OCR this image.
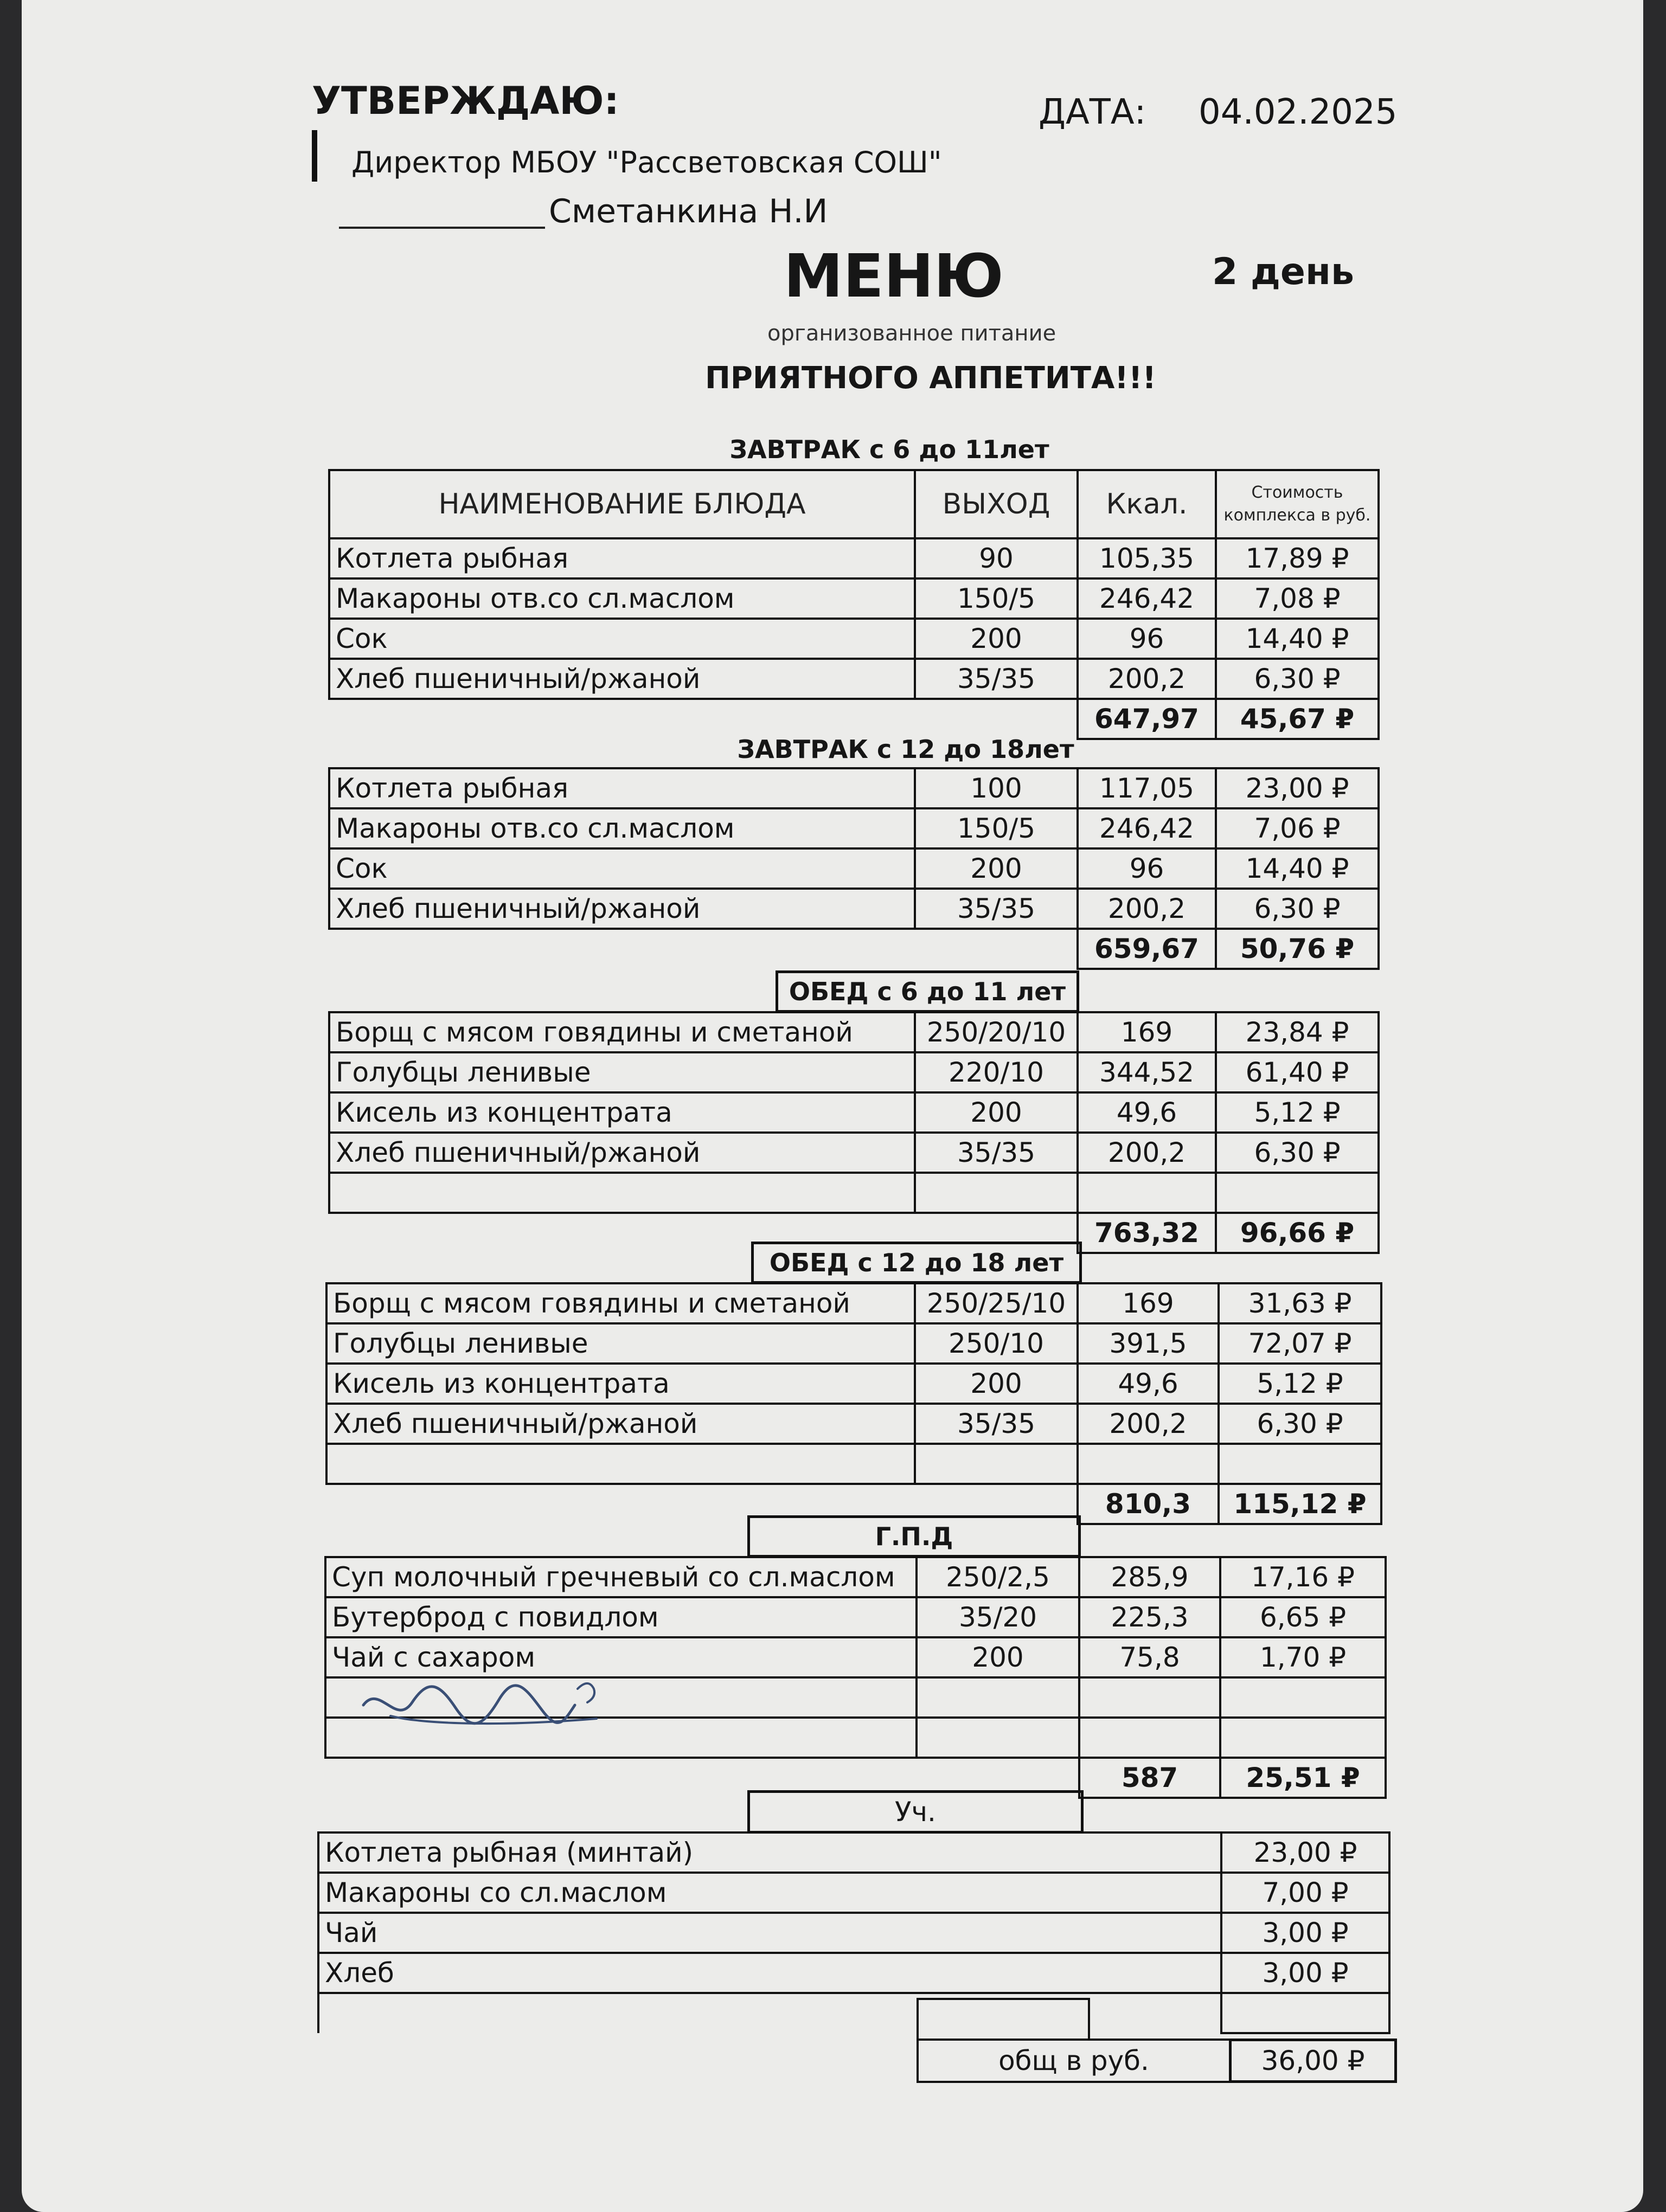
УТВЕРЖДАЮ:	ДАТА: 04.02.2025
Директор МБОУ "Рассветовская СОШ"
Сметанкина Н.И
МЕНЮ	2 день
организованное питание
ПРИЯТНОГО АППЕТИТА!!!
ЗАВТРАК с 6 до 11лет
НАИМЕНОВАНИЕ БЛЮДА	ВЫХОД	Ккал.	Стоимость комплекса в руб.
Котлета рыбная	90	105,35	17,89 ₽
Макароны отв.со сл.маслом	150/5	246,42	7,08 ₽
Сок	200	96	14,40 ₽
Хлеб пшеничный/ржаной	35/35	200,2	6,30 ₽
		647,97	45,67 ₽
ЗАВТРАК с 12 до 18лет
Котлета рыбная	100	117,05	23,00 ₽
Макароны отв.со сл.маслом	150/5	246,42	7,06 ₽
Сок	200	96	14,40 ₽
Хлеб пшеничный/ржаной	35/35	200,2	6,30 ₽
		659,67	50,76 ₽
ОБЕД с 6 до 11 лет
Борщ с мясом говядины и сметаной	250/20/10	169	23,84 ₽
Голубцы ленивые	220/10	344,52	61,40 ₽
Кисель из концентрата	200	49,6	5,12 ₽
Хлеб пшеничный/ржаной	35/35	200,2	6,30 ₽

		763,32	96,66 ₽
ОБЕД с 12 до 18 лет
Борщ с мясом говядины и сметаной	250/25/10	169	31,63 ₽
Голубцы ленивые	250/10	391,5	72,07 ₽
Кисель из концентрата	200	49,6	5,12 ₽
Хлеб пшеничный/ржаной	35/35	200,2	6,30 ₽

		810,3	115,12 ₽
Г.П.Д
Суп молочный гречневый со сл.маслом	250/2,5	285,9	17,16 ₽
Бутерброд с повидлом	35/20	225,3	6,65 ₽
Чай с сахаром	200	75,8	1,70 ₽

		587	25,51 ₽
Уч.
Котлета рыбная (минтай)	23,00 ₽
Макароны со сл.маслом	7,00 ₽
Чай	3,00 ₽
Хлеб	3,00 ₽

общ в руб.	36,00 ₽
